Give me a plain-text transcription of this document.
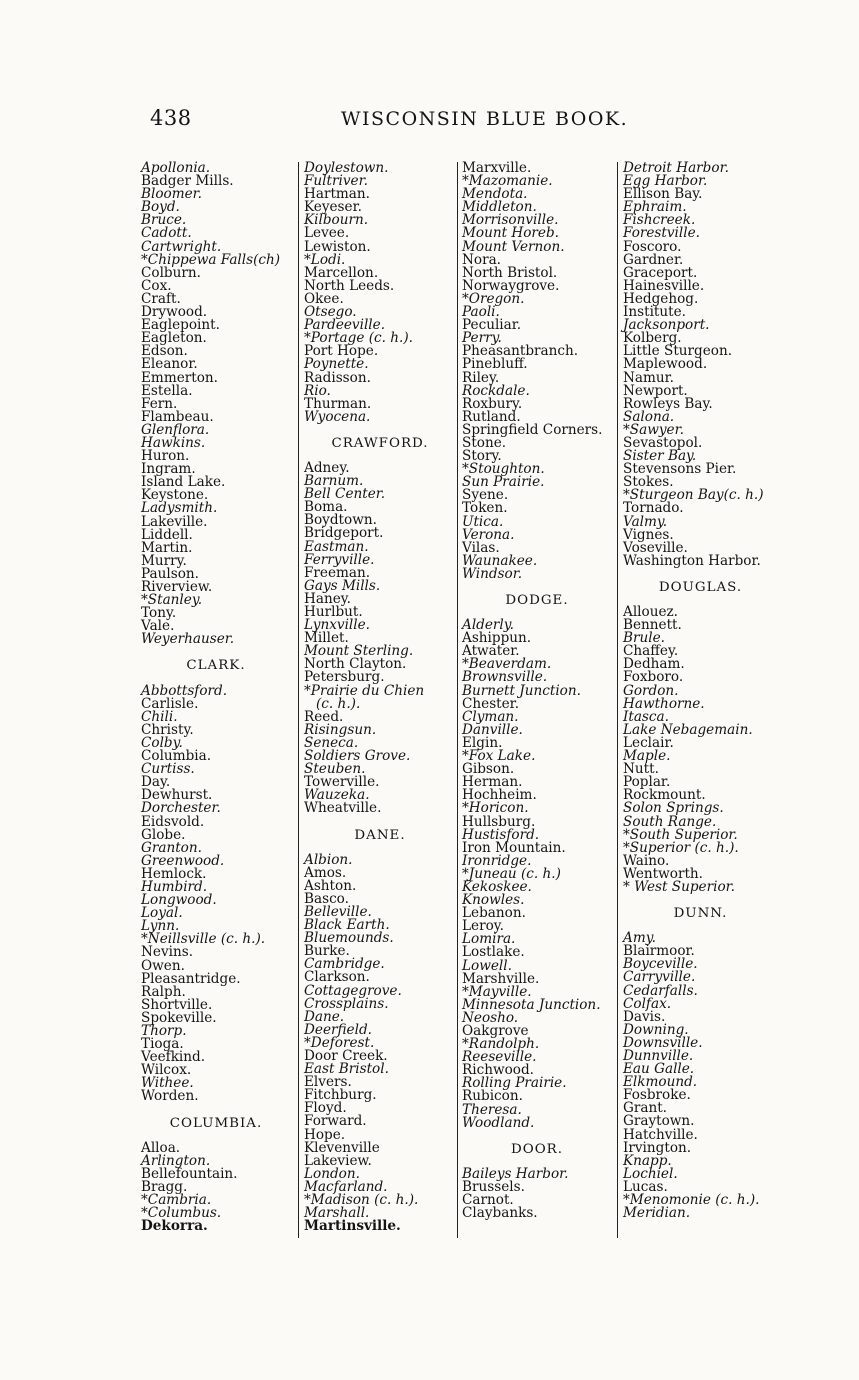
438	WISCONSIN BLUE BOOK.
Apollonia.
Badger Mills.
Bloomer.
Boyd.
Bruce.
Cadott.
Cartwright.
*Chippewa Falls(ch)
Colburn.
Cox.
Craft.
Drywood.
Eaglepoint.
Eagleton.
Edson.
Eleanor.
Emmerton.
Estella.
Fern.
Flambeau.
Glenflora.
Hawkins.
Huron.
Ingram.
Island Lake.
Keystone.
Ladysmith.
Lakeville.
Liddell.
Martin.
Murry.
Paulson.
Riverview.
*Stanley.
Tony.
Vale.
Weyerhauser.
CLARK.
Abbottsford.
Carlisle.
Chili.
Christy.
Colby.
Columbia.
Curtiss.
Day.
Dewhurst.
Dorchester.
Eidsvold.
Globe.
Granton.
Greenwood.
Hemlock.
Humbird.
Longwood.
Loyal.
Lynn.
*Neillsville (c. h.).
Nevins.
Owen.
Pleasantridge.
Ralph.
Shortville.
Spokeville.
Thorp.
Tioga.
Veefkind.
Wilcox.
Withee.
Worden.
COLUMBIA.
Alloa.
Arlington.
Bellefountain.
Bragg.
*Cambria.
*Columbus.
Dekorra.
Doylestown.
Fultriver.
Hartman.
Keyeser.
Kilbourn.
Levee.
Lewiston.
*Lodi.
Marcellon.
North Leeds.
Okee.
Otsego.
Pardeeville.
*Portage (c. h.).
Port Hope.
Poynette.
Radisson.
Rio.
Thurman.
Wyocena.
CRAWFORD.
Adney.
Barnum.
Bell Center.
Boma.
Boydtown.
Bridgeport.
Eastman.
Ferryville.
Freeman.
Gays Mills.
Haney.
Hurlbut.
Lynxville.
Millet.
Mount Sterling.
North Clayton.
Petersburg.
*Prairie du Chien
(c. h.).
Reed.
Risingsun.
Seneca.
Soldiers Grove.
Steuben.
Towerville.
Wauzeka.
Wheatville.
DANE.
Albion.
Amos.
Ashton.
Basco.
Belleville.
Black Earth.
Bluemounds.
Burke.
Cambridge.
Clarkson.
Cottagegrove.
Crossplains.
Dane.
Deerfield.
*Deforest.
Door Creek.
East Bristol.
Elvers.
Fitchburg.
Floyd.
Forward.
Hope.
Klevenville
Lakeview.
London.
Macfarland.
*Madison (c. h.).
Marshall.
Martinsville.
Marxville.
*Mazomanie.
Mendota.
Middleton.
Morrisonville.
Mount Horeb.
Mount Vernon.
Nora.
North Bristol.
Norwaygrove.
*Oregon.
Paoli.
Peculiar.
Perry.
Pheasantbranch.
Pinebluff.
Riley.
Rockdale.
Roxbury.
Rutland.
Springfield Corners.
Stone.
Story.
*Stoughton.
Sun Prairie.
Syene.
Token.
Utica.
Verona.
Vilas.
Waunakee.
Windsor.
DODGE.
Alderly.
Ashippun.
Atwater.
*Beaverdam.
Brownsville.
Burnett Junction.
Chester.
Clyman.
Danville.
Elgin.
*Fox Lake.
Gibson.
Herman.
Hochheim.
*Horicon.
Hullsburg.
Hustisford.
Iron Mountain.
Ironridge.
*Juneau (c. h.)
Kekoskee.
Knowles.
Lebanon.
Leroy.
Lomira.
Lostlake.
Lowell.
Marshville.
*Mayville.
Minnesota Junction.
Neosho.
Oakgrove
*Randolph.
Reeseville.
Richwood.
Rolling Prairie.
Rubicon.
Theresa.
Woodland.
DOOR.
Baileys Harbor.
Brussels.
Carnot.
Claybanks.
Detroit Harbor.
Egg Harbor.
Ellison Bay.
Ephraim.
Fishcreek.
Forestville.
Foscoro.
Gardner.
Graceport.
Hainesville.
Hedgehog.
Institute.
Jacksonport.
Kolberg.
Little Sturgeon.
Maplewood.
Namur.
Newport.
Rowleys Bay.
Salona.
*Sawyer.
Sevastopol.
Sister Bay.
Stevensons Pier.
Stokes.
*Sturgeon Bay(c. h.)
Tornado.
Valmy.
Vignes.
Voseville.
Washington Harbor.
DOUGLAS.
Allouez.
Bennett.
Brule.
Chaffey.
Dedham.
Foxboro.
Gordon.
Hawthorne.
Itasca.
Lake Nebagemain.
Leclair.
Maple.
Nutt.
Poplar.
Rockmount.
Solon Springs.
South Range.
*South Superior.
*Superior (c. h.).
Waino.
Wentworth.
* West Superior.
DUNN.
Amy.
Blairmoor.
Boyceville.
Carryville.
Cedarfalls.
Colfax.
Davis.
Downing.
Downsville.
Dunnville.
Eau Galle.
Elkmound.
Fosbroke.
Grant.
Graytown.
Hatchville.
Irvington.
Knapp.
Lochiel.
Lucas.
*Menomonie (c. h.).
Meridian.
